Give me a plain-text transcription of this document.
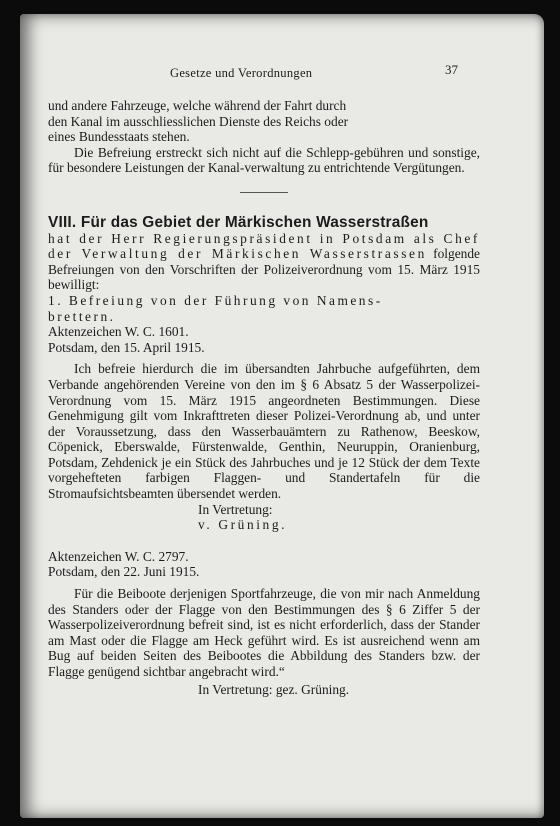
Gesetze und Verordnungen	37

und andere Fahrzeuge, welche während der Fahrt durch

den Kanal im ausschliesslichen Dienste des Reichs oder

eines Bundesstaats stehen.

Die Befreiung erstreckt sich nicht auf die Schlepp-gebühren und sonstige, für besondere Leistungen der Kanal-verwaltung zu entrichtende Vergütungen.

VIII. Für das Gebiet der Märkischen Wasserstraßen

hat der Herr Regierungspräsident in Potsdam als Chef der Verwaltung der Märkischen Wasserstrassen folgende Befreiungen von den Vorschriften der Polizeiverordnung vom 15. März 1915 bewilligt:

1. Befreiung von der Führung von Namens-

brettern.

Aktenzeichen W. C. 1601.

Potsdam, den 15. April 1915.

Ich befreie hierdurch die im übersandten Jahrbuche aufgeführten, dem Verbande angehörenden Vereine von den im § 6 Absatz 5 der Wasserpolizei-Verordnung vom 15. März 1915 angeordneten Bestimmungen. Diese Genehmigung gilt vom Inkrafttreten dieser Polizei-Verordnung ab, und unter der Voraussetzung, dass den Wasserbauämtern zu Rathenow, Beeskow, Cöpenick, Eberswalde, Fürstenwalde, Genthin, Neuruppin, Oranienburg, Potsdam, Zehdenick je ein Stück des Jahrbuches und je 12 Stück der dem Texte vorgehefteten farbigen Flaggen- und Standertafeln für die Stromaufsichtsbeamten übersendet werden.

In Vertretung:

v. Grüning.

Aktenzeichen W. C. 2797.

Potsdam, den 22. Juni 1915.

Für die Beiboote derjenigen Sportfahrzeuge, die von mir nach Anmeldung des Standers oder der Flagge von den Bestimmungen des § 6 Ziffer 5 der Wasserpolizeiverordnung befreit sind, ist es nicht erforderlich, dass der Stander am Mast oder die Flagge am Heck geführt wird. Es ist ausreichend wenn am Bug auf beiden Seiten des Beibootes die Abbildung des Standers bzw. der Flagge genügend sichtbar angebracht wird.“

In Vertretung: gez. Grüning.
